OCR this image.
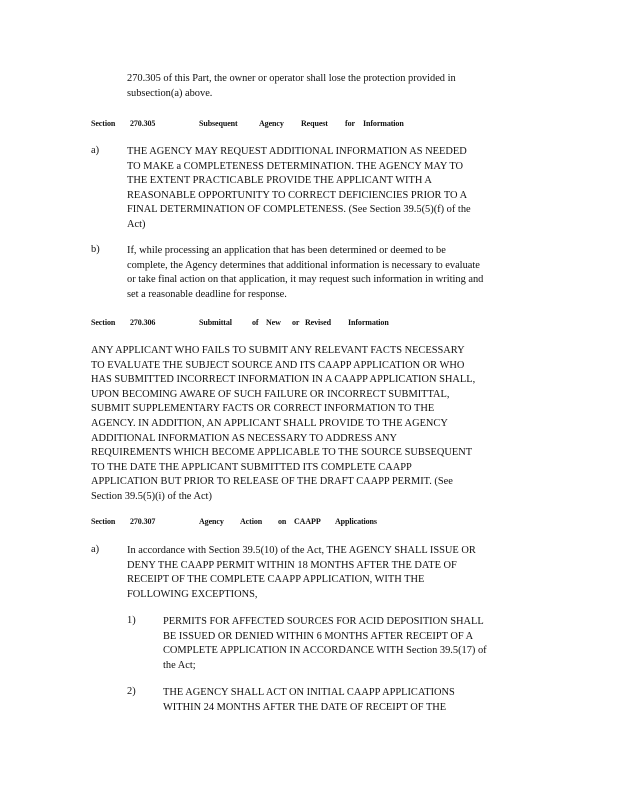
270.305 of this Part, the owner or operator shall lose the protection provided in
subsection(a) above.
Section 270.305	Subsequent	Agency Request for Information
a)	THE AGENCY MAY REQUEST ADDITIONAL INFORMATION AS NEEDED
TO MAKE a COMPLETENESS DETERMINATION. THE AGENCY MAY TO
THE EXTENT PRACTICABLE PROVIDE THE APPLICANT WITH A
REASONABLE OPPORTUNITY TO CORRECT DEFICIENCIES PRIOR TO A
FINAL DETERMINATION OF COMPLETENESS. (See Section 39.5(5)(f) of the
Act)
b)	If, while processing an application that has been determined or deemed to be
complete, the Agency determines that additional information is necessary to evaluate
or take final action on that application, it may request such information in writing and
set a reasonable deadline for response.
Section 270.306	Submittal	of New or Revised Information
ANY APPLICANT WHO FAILS TO SUBMIT ANY RELEVANT FACTS NECESSARY
TO EVALUATE THE SUBJECT SOURCE AND ITS CAAPP APPLICATION OR WHO
HAS SUBMITTED INCORRECT INFORMATION IN A CAAPP APPLICATION SHALL,
UPON BECOMING AWARE OF SUCH FAILURE OR INCORRECT SUBMITTAL,
SUBMIT SUPPLEMENTARY FACTS OR CORRECT INFORMATION TO THE
AGENCY. IN ADDITION, AN APPLICANT SHALL PROVIDE TO THE AGENCY
ADDITIONAL INFORMATION AS NECESSARY TO ADDRESS ANY
REQUIREMENTS WHICH BECOME APPLICABLE TO THE SOURCE SUBSEQUENT
TO THE DATE THE APPLICANT SUBMITTED ITS COMPLETE CAAPP
APPLICATION BUT PRIOR TO RELEASE OF THE DRAFT CAAPP PERMIT. (See
Section 39.5(5)(i) of the Act)
Section 270.307	Agency Action on CAAPP Applications
a)	In accordance with Section 39.5(10) of the Act, THE AGENCY SHALL ISSUE OR
DENY THE CAAPP PERMIT WITHIN 18 MONTHS AFTER THE DATE OF
RECEIPT OF THE COMPLETE CAAPP APPLICATION, WITH THE
FOLLOWING EXCEPTIONS,
1)	PERMITS FOR AFFECTED SOURCES FOR ACID DEPOSITION SHALL
BE ISSUED OR DENIED WITHIN 6 MONTHS AFTER RECEIPT OF A
COMPLETE APPLICATION IN ACCORDANCE WITH Section 39.5(17) of
the Act;
2)	THE AGENCY SHALL ACT ON INITIAL CAAPP APPLICATIONS
WITHIN 24 MONTHS AFTER THE DATE OF RECEIPT OF THE
